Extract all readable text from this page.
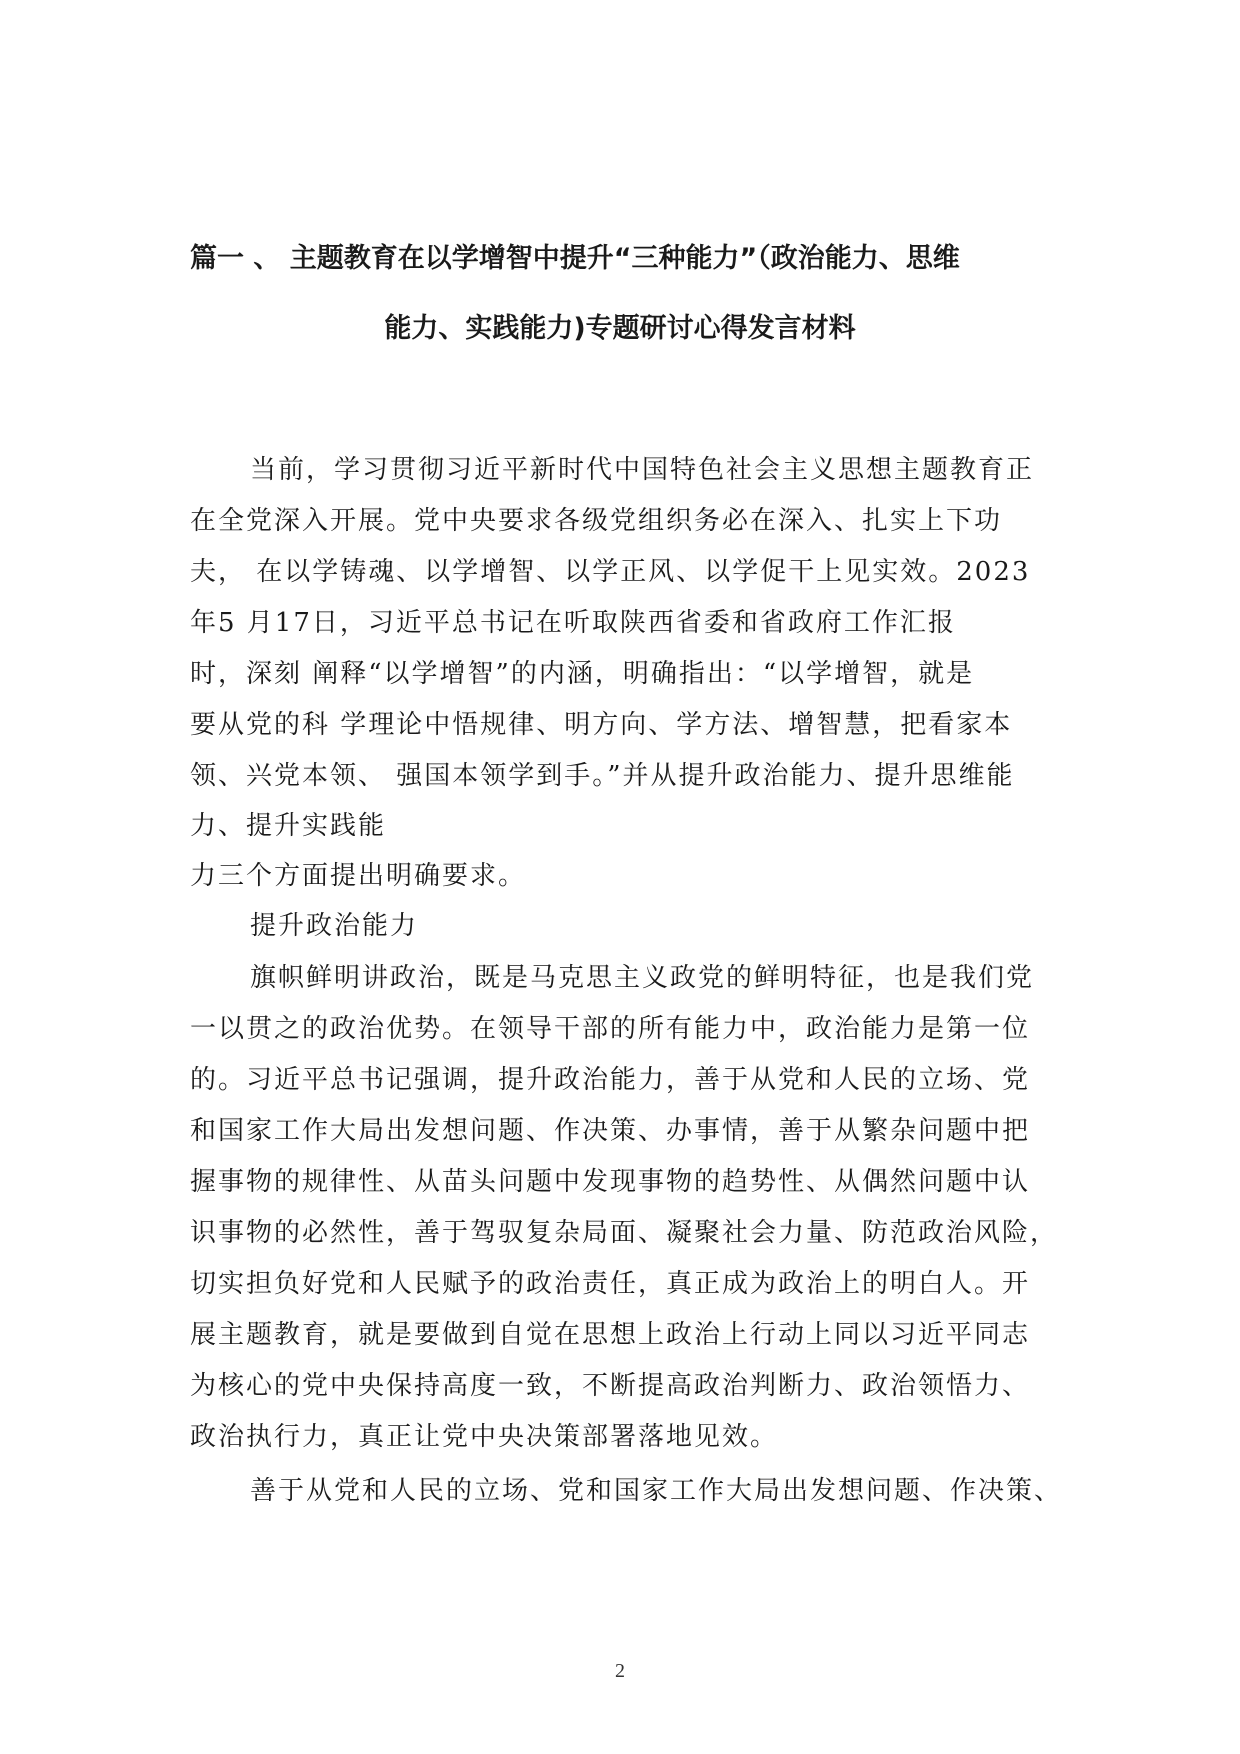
篇一 、 主题教育在以学增智中提升“三种能力”（政治能力、思维
能力、实践能力)专题研讨心得发言材料

当前，学习贯彻习近平新时代中国特色社会主义思想主题教育正

在全党深入开展。党中央要求各级党组织务必在深入、扎实上下功

夫， 在以学铸魂、以学增智、以学正风、以学促干上见实效。2023

年5 月17日，习近平总书记在听取陕西省委和省政府工作汇报

时，深刻 阐释“以学增智”的内涵，明确指出：“以学增智，就是

要从党的科 学理论中悟规律、明方向、学方法、增智慧，把看家本

领、兴党本领、 强国本领学到手。”并从提升政治能力、提升思维能

力、提升实践能

力三个方面提出明确要求。

提升政治能力

旗帜鲜明讲政治，既是马克思主义政党的鲜明特征，也是我们党

一以贯之的政治优势。在领导干部的所有能力中，政治能力是第一位

的。习近平总书记强调，提升政治能力，善于从党和人民的立场、党

和国家工作大局出发想问题、作决策、办事情，善于从繁杂问题中把

握事物的规律性、从苗头问题中发现事物的趋势性、从偶然问题中认

识事物的必然性，善于驾驭复杂局面、凝聚社会力量、防范政治风险，

切实担负好党和人民赋予的政治责任，真正成为政治上的明白人。开

展主题教育，就是要做到自觉在思想上政治上行动上同以习近平同志

为核心的党中央保持高度一致，不断提高政治判断力、政治领悟力、

政治执行力，真正让党中央决策部署落地见效。

善于从党和人民的立场、党和国家工作大局出发想问题、作决策、

2
